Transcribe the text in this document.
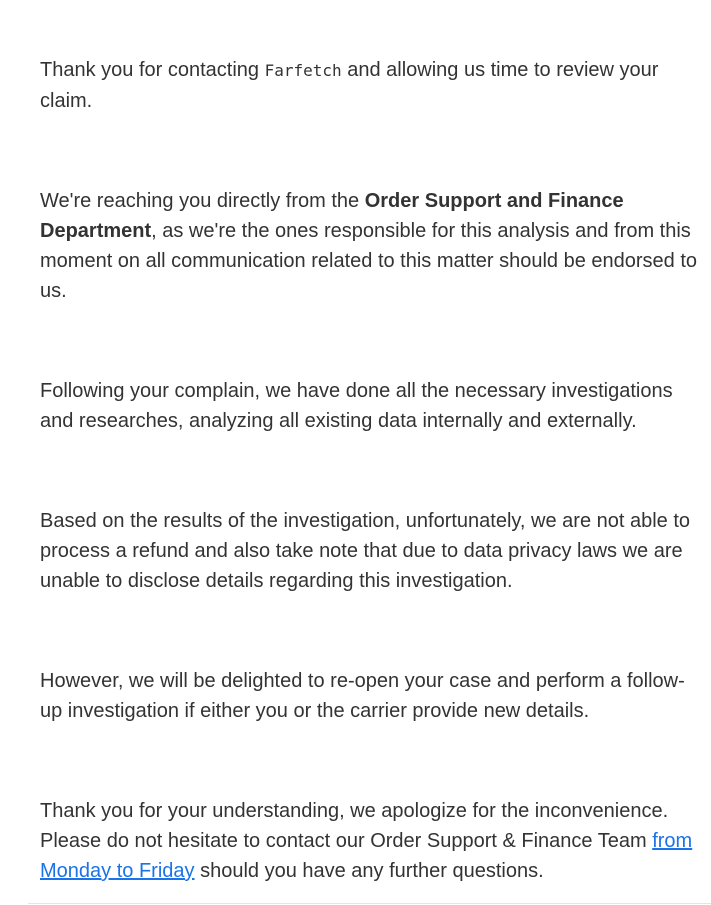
Thank you for contacting Farfetch and allowing us time to review your claim.

We're reaching you directly from the Order Support and Finance Department, as we're the ones responsible for this analysis and from this moment on all communication related to this matter should be endorsed to us.

Following your complain, we have done all the necessary investigations and researches, analyzing all existing data internally and externally.

Based on the results of the investigation, unfortunately, we are not able to process a refund and also take note that due to data privacy laws we are unable to disclose details regarding this investigation.

However, we will be delighted to re-open your case and perform a follow-up investigation if either you or the carrier provide new details.

Thank you for your understanding, we apologize for the inconvenience. Please do not hesitate to contact our Order Support & Finance Team from Monday to Friday should you have any further questions.
